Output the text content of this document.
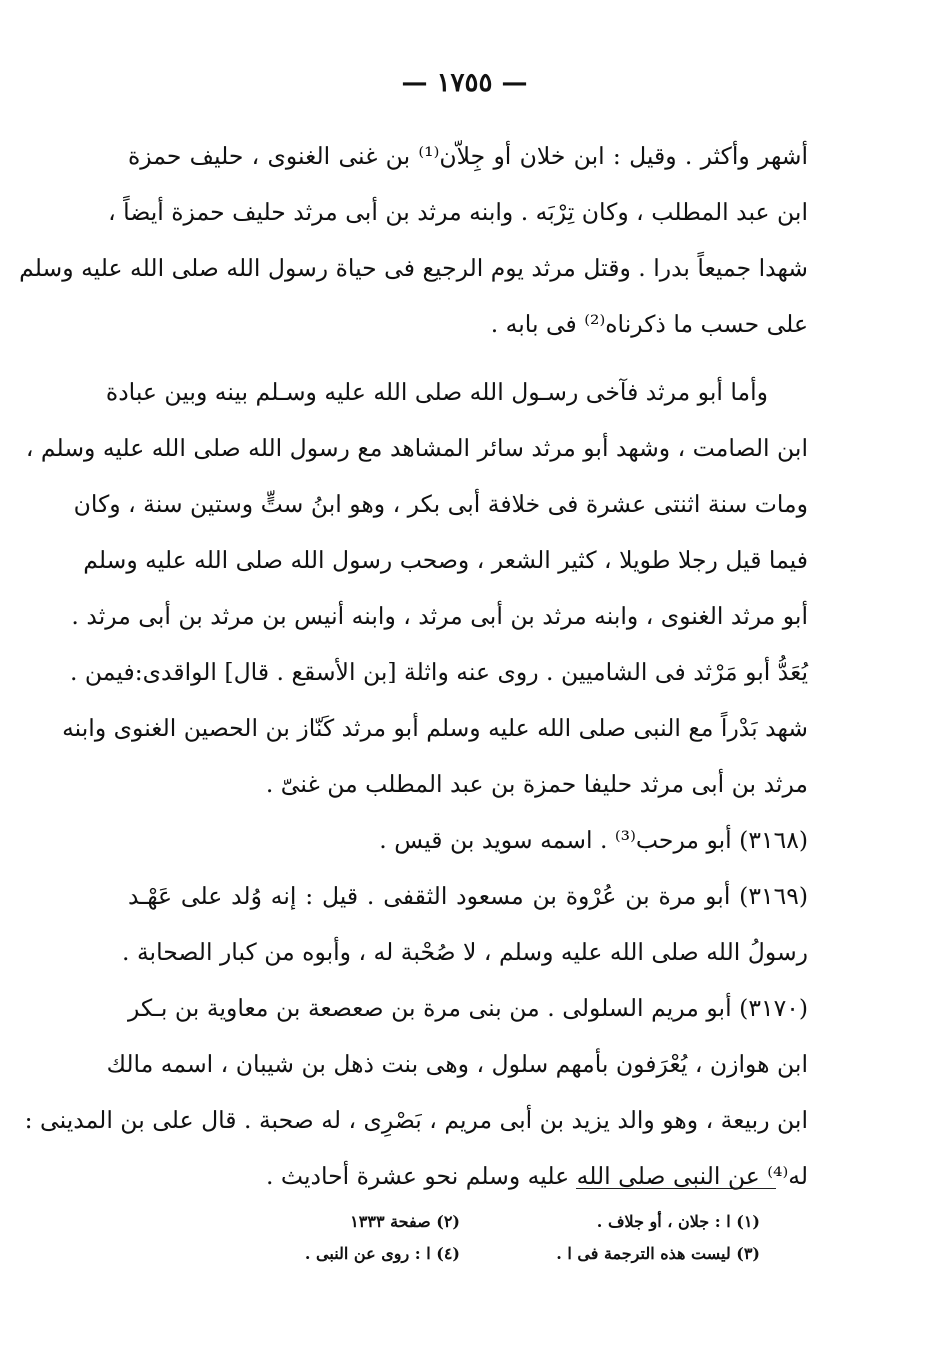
— ١٧٥٥ —
أشهر وأكثر . وقيل : ابن خلان أو جِلاّن⁽¹⁾ بن غنى الغنوى ، حليف حمزة
ابن عبد المطلب ، وكان تِرْبَه . وابنه مرثد بن أبى مرثد حليف حمزة أيضاً ،
شهدا جميعاً بدرا . وقتل مرثد يوم الرجيع فى حياة رسول الله صلى الله عليه وسلم
على حسب ما ذكرناه⁽²⁾ فى بابه .
وأما أبو مرثد فآخى رسـول الله صلى الله عليه وسـلم بينه وبين عبادة
ابن الصامت ، وشهد أبو مرثد سائر المشاهد مع رسول الله صلى الله عليه وسلم ،
ومات سنة اثنتى عشرة فى خلافة أبى بكر ، وهو ابنُ ستٍّ وستين سنة ، وكان
فيما قيل رجلا طويلا ، كثير الشعر ، وصحب رسول الله صلى الله عليه وسلم
أبو مرثد الغنوى ، وابنه مرثد بن أبى مرثد ، وابنه أنيس بن مرثد بن أبى مرثد .
يُعَدُّ أبو مَرْثد فى الشاميين . روى عنه واثلة [بن الأسقع . قال] الواقدى:فيمن .
شهد بَدْراً مع النبى صلى الله عليه وسلم أبو مرثد كَنّاز بن الحصين الغنوى وابنه
مرثد بن أبى مرثد حليفا حمزة بن عبد المطلب من غنىّ .
(٣١٦٨) أبو مرحب⁽³⁾ . اسمه سويد بن قيس .
(٣١٦٩) أبو مرة بن عُرْوة بن مسعود الثقفى . قيل : إنه وُلد على عَهْـد
رسولُ الله صلى الله عليه وسلم ، لا صُحْبة له ، وأبوه من كبار الصحابة .
(٣١٧٠) أبو مريم السلولى . من بنى مرة بن صعصعة بن معاوية بن بـكر
ابن هوازن ، يُعْرَفون بأمهم سلول ، وهى بنت ذهل بن شيبان ، اسمه مالك
ابن ربيعة ، وهو والد يزيد بن أبى مريم ، بَصْرِى ، له صحبة . قال على بن المدينى :
له⁽⁴⁾ عن النبى صلى الله عليه وسلم نحو عشرة أحاديث .
(١) ا : جلان ، أو جلاف .
(٢) صفحة ١٣٣٣
(٣) ليست هذه الترجمة فى ا .
(٤) ا : روى عن النبى .
